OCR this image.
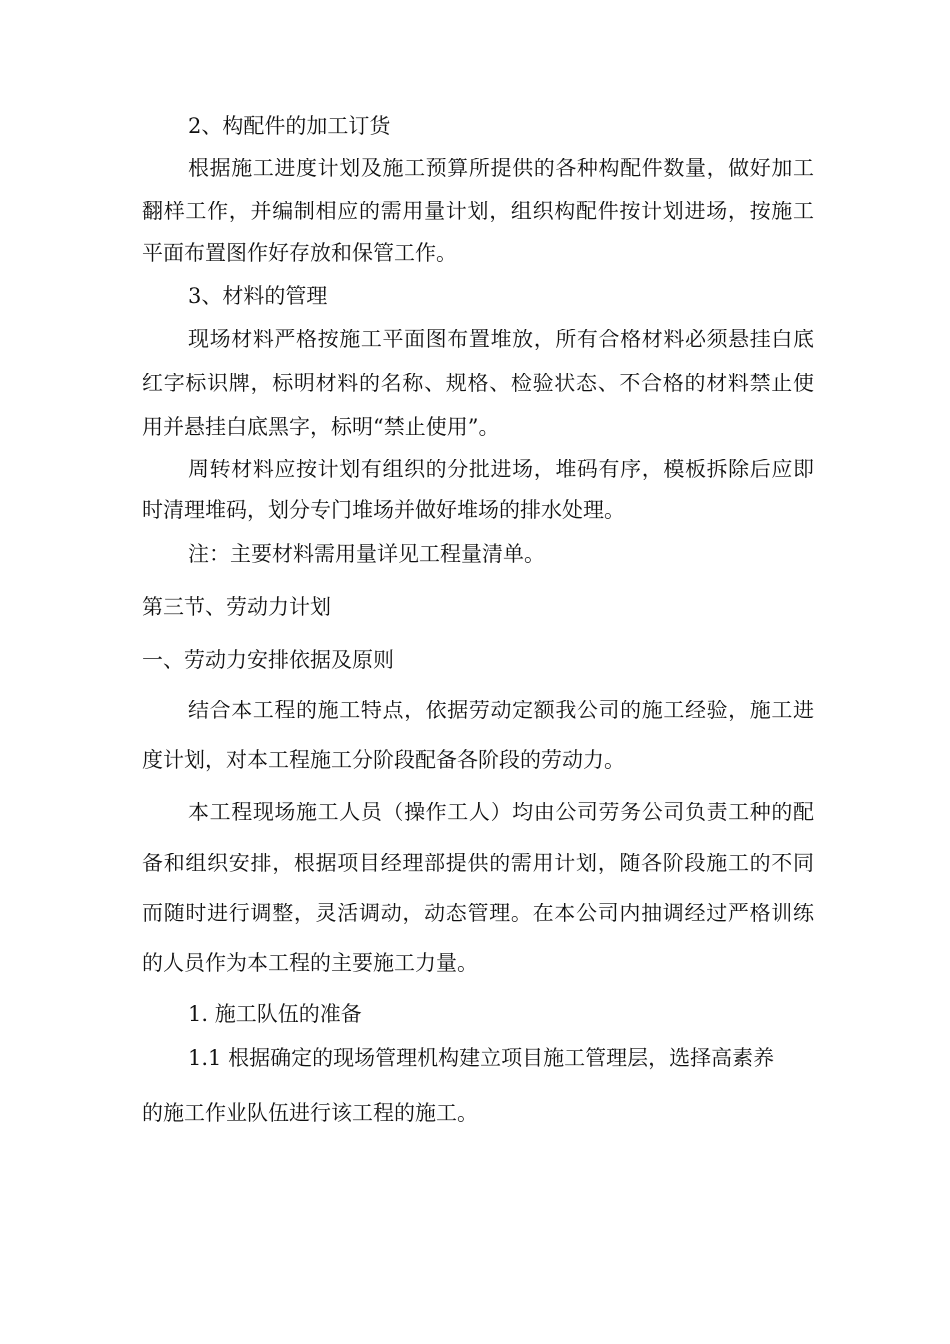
2、构配件的加工订货
根据施工进度计划及施工预算所提供的各种构配件数量，做好加工
翻样工作，并编制相应的需用量计划，组织构配件按计划进场，按施工
平面布置图作好存放和保管工作。
3、材料的管理
现场材料严格按施工平面图布置堆放，所有合格材料必须悬挂白底
红字标识牌，标明材料的名称、规格、检验状态、不合格的材料禁止使
用并悬挂白底黑字，标明“禁止使用”。
周转材料应按计划有组织的分批进场，堆码有序，模板拆除后应即
时清理堆码，划分专门堆场并做好堆场的排水处理。
注：主要材料需用量详见工程量清单。
第三节、劳动力计划
一、劳动力安排依据及原则
结合本工程的施工特点，依据劳动定额我公司的施工经验，施工进
度计划，对本工程施工分阶段配备各阶段的劳动力。
本工程现场施工人员（操作工人）均由公司劳务公司负责工种的配
备和组织安排，根据项目经理部提供的需用计划，随各阶段施工的不同
而随时进行调整，灵活调动，动态管理。在本公司内抽调经过严格训练
的人员作为本工程的主要施工力量。
1. 施工队伍的准备
1.1 根据确定的现场管理机构建立项目施工管理层，选择高素养
的施工作业队伍进行该工程的施工。
